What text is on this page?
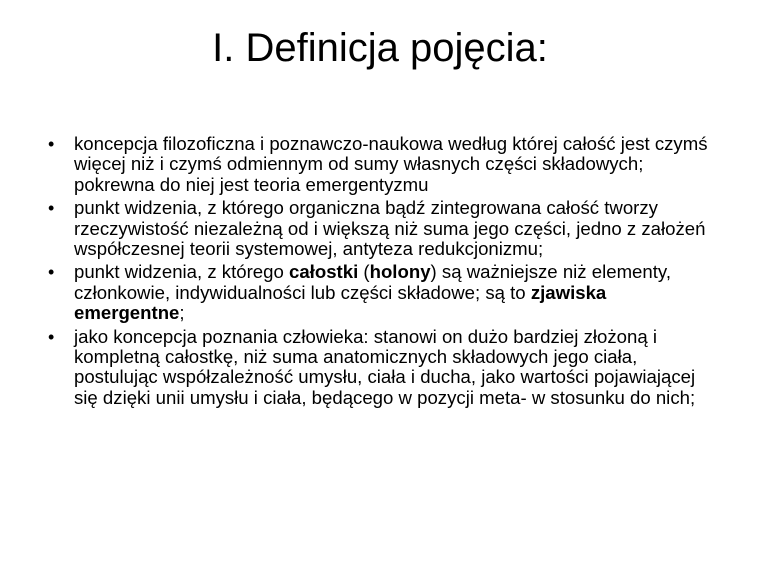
I. Definicja pojęcia:
• koncepcja filozoficzna i poznawczo-naukowa według której całość jest czymś więcej niż i czymś odmiennym od sumy własnych części składowych; pokrewna do niej jest teoria emergentyzmu
• punkt widzenia, z którego organiczna bądź zintegrowana całość tworzy rzeczywistość niezależną od i większą niż suma jego części, jedno z założeń współczesnej teorii systemowej, antyteza redukcjonizmu;
• punkt widzenia, z którego całostki (holony) są ważniejsze niż elementy, członkowie, indywidualności lub części składowe; są to zjawiska emergentne;
• jako koncepcja poznania człowieka: stanowi on dużo bardziej złożoną i kompletną całostkę, niż suma anatomicznych składowych jego ciała, postulując współzależność umysłu, ciała i ducha, jako wartości pojawiającej się dzięki unii umysłu i ciała, będącego w pozycji meta- w stosunku do nich;
